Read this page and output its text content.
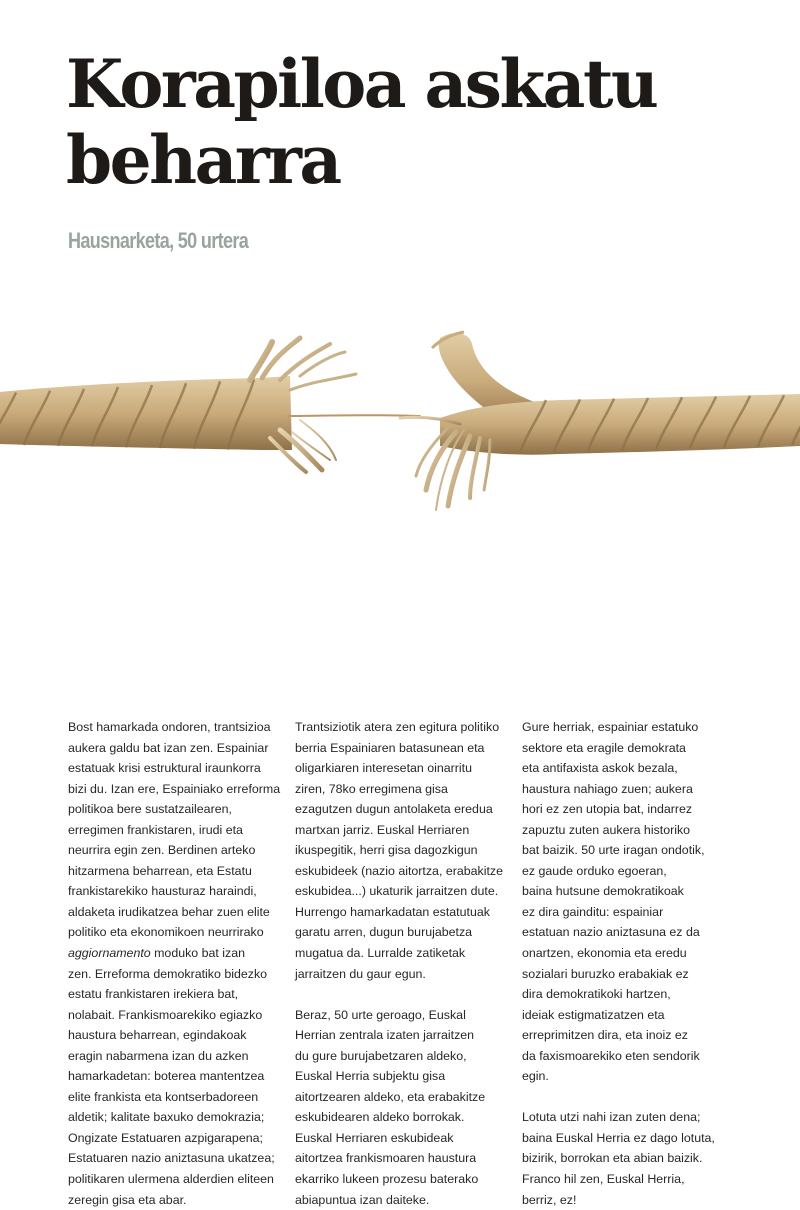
Korapiloa askatu
beharra
Hausnarketa, 50 urtera

Bost hamarkada ondoren, trantsizioa
aukera galdu bat izan zen. Espainiar
estatuak krisi estruktural iraunkorra
bizi du. Izan ere, Espainiako erreforma
politikoa bere sustatzailearen,
erregimen frankistaren, irudi eta
neurrira egin zen. Berdinen arteko
hitzarmena beharrean, eta Estatu
frankistarekiko hausturaz haraindi,
aldaketa irudikatzea behar zuen elite
politiko eta ekonomikoen neurrirako
aggiornamento moduko bat izan
zen. Erreforma demokratiko bidezko
estatu frankistaren irekiera bat,
nolabait. Frankismoarekiko egiazko
haustura beharrean, egindakoak
eragin nabarmena izan du azken
hamarkadetan: boterea mantentzea
elite frankista eta kontserbadoreen
aldetik; kalitate baxuko demokrazia;
Ongizate Estatuaren azpigarapena;
Estatuaren nazio aniztasuna ukatzea;
politikaren ulermena alderdien eliteen
zeregin gisa eta abar.

Trantsiziotik atera zen egitura politiko
berria Espainiaren batasunean eta
oligarkiaren interesetan oinarritu
ziren, 78ko erregimena gisa
ezagutzen dugun antolaketa eredua
martxan jarriz. Euskal Herriaren
ikuspegitik, herri gisa dagozkigun
eskubideek (nazio aitortza, erabakitze
eskubidea...) ukaturik jarraitzen dute.
Hurrengo hamarkadatan estatutuak
garatu arren, dugun burujabetza
mugatua da. Lurralde zatiketak
jarraitzen du gaur egun.

Beraz, 50 urte geroago, Euskal
Herrian zentrala izaten jarraitzen
du gure burujabetzaren aldeko,
Euskal Herria subjektu gisa
aitortzearen aldeko, eta erabakitze
eskubidearen aldeko borrokak.
Euskal Herriaren eskubideak
aitortzea frankismoaren haustura
ekarriko lukeen prozesu baterako
abiapuntua izan daiteke.

Gure herriak, espainiar estatuko
sektore eta eragile demokrata
eta antifaxista askok bezala,
haustura nahiago zuen; aukera
hori ez zen utopia bat, indarrez
zapuztu zuten aukera historiko
bat baizik. 50 urte iragan ondotik,
ez gaude orduko egoeran,
baina hutsune demokratikoak
ez dira gainditu: espainiar
estatuan nazio aniztasuna ez da
onartzen, ekonomia eta eredu
sozialari buruzko erabakiak ez
dira demokratikoki hartzen,
ideiak estigmatizatzen eta
erreprimitzen dira, eta inoiz ez
da faxismoarekiko eten sendorik
egin.

Lotuta utzi nahi izan zuten dena;
baina Euskal Herria ez dago lotuta,
bizirik, borrokan eta abian baizik.
Franco hil zen, Euskal Herria,
berriz, ez!
